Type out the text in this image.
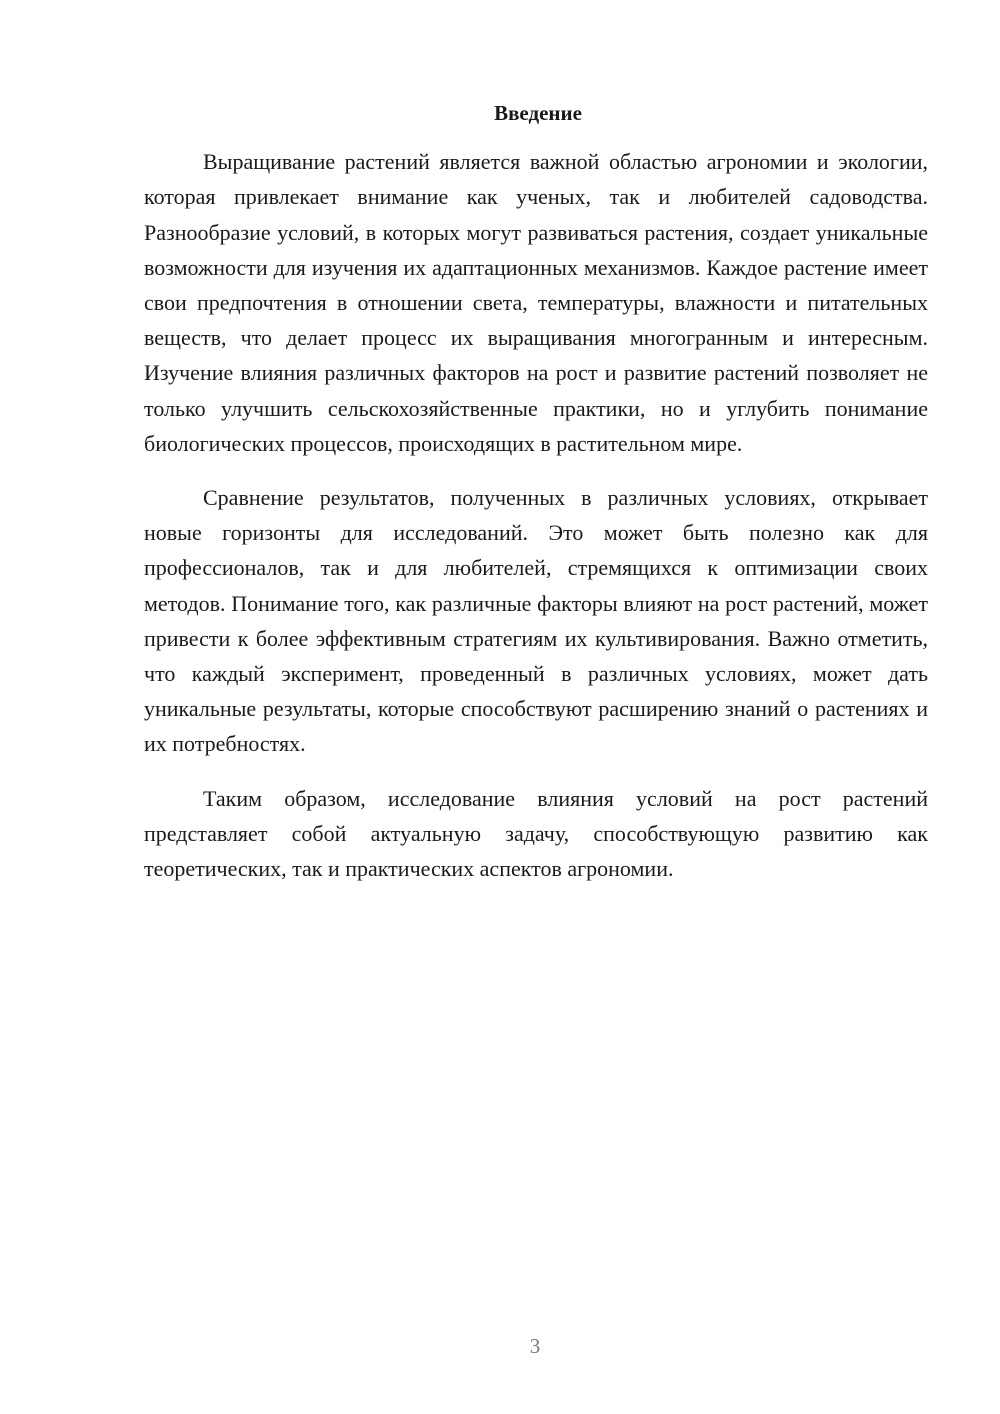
Введение

Выращивание растений является важной областью агрономии и экологии, которая привлекает внимание как ученых, так и любителей садоводства. Разнообразие условий, в которых могут развиваться растения, создает уникальные возможности для изучения их адаптационных механизмов. Каждое растение имеет свои предпочтения в отношении света, температуры, влажности и питательных веществ, что делает процесс их выращивания многогранным и интересным. Изучение влияния различных факторов на рост и развитие растений позволяет не только улучшить сельскохозяйственные практики, но и углубить понимание биологических процессов, происходящих в растительном мире.

Сравнение результатов, полученных в различных условиях, открывает новые горизонты для исследований. Это может быть полезно как для профессионалов, так и для любителей, стремящихся к оптимизации своих методов. Понимание того, как различные факторы влияют на рост растений, может привести к более эффективным стратегиям их культивирования. Важно отметить, что каждый эксперимент, проведенный в различных условиях, может дать уникальные результаты, которые способствуют расширению знаний о растениях и их потребностях.

Таким образом, исследование влияния условий на рост растений представляет собой актуальную задачу, способствующую развитию как теоретических, так и практических аспектов агрономии.

3
